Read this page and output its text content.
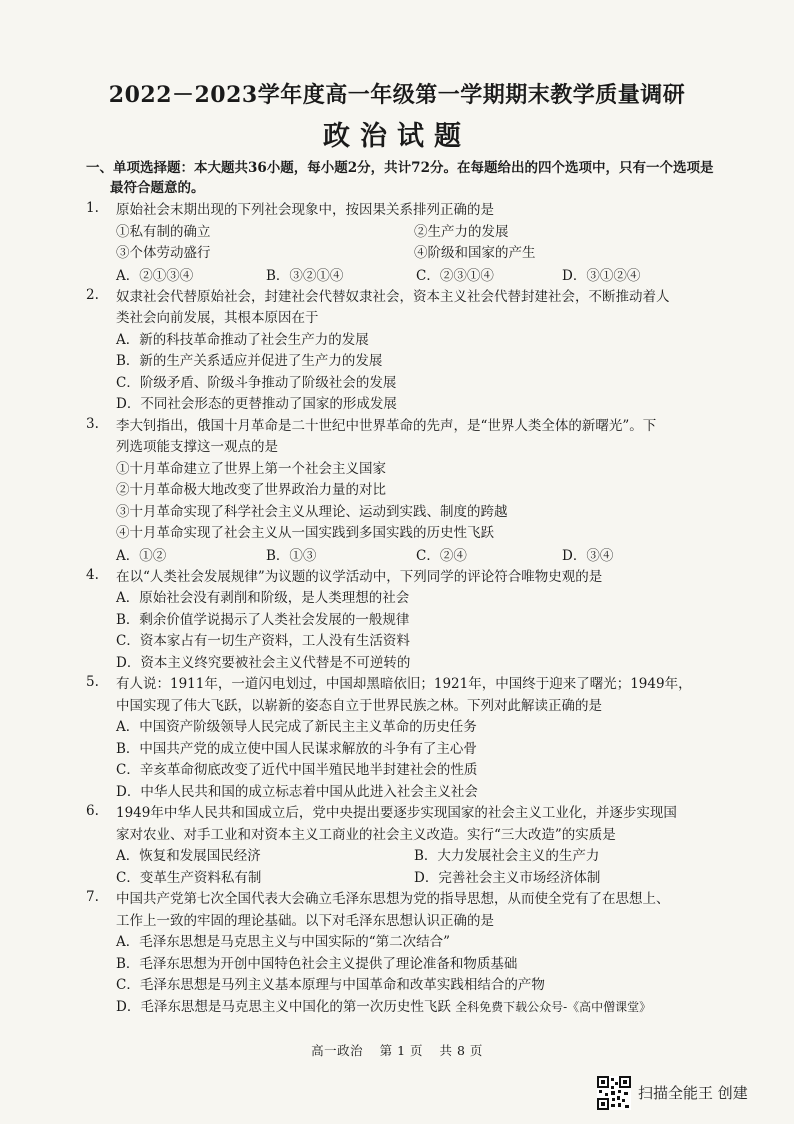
2022－2023学年度高一年级第一学期期末教学质量调研
政治试题
一、单项选择题：本大题共36小题，每小题2分，共计72分。在每题给出的四个选项中，只有一个选项是最符合题意的。
1.	原始社会末期出现的下列社会现象中，按因果关系排列正确的是
①私有制的确立	②生产力的发展
③个体劳动盛行	④阶级和国家的产生
A．②①③④	B．③②①④	C．②③①④	D．③①②④
2.	奴隶社会代替原始社会，封建社会代替奴隶社会，资本主义社会代替封建社会，不断推动着人
类社会向前发展，其根本原因在于
A．新的科技革命推动了社会生产力的发展
B．新的生产关系适应并促进了生产力的发展
C．阶级矛盾、阶级斗争推动了阶级社会的发展
D．不同社会形态的更替推动了国家的形成发展
3.	李大钊指出，俄国十月革命是二十世纪中世界革命的先声，是“世界人类全体的新曙光”。下
列选项能支撑这一观点的是
①十月革命建立了世界上第一个社会主义国家
②十月革命极大地改变了世界政治力量的对比
③十月革命实现了科学社会主义从理论、运动到实践、制度的跨越
④十月革命实现了社会主义从一国实践到多国实践的历史性飞跃
A．①②	B．①③	C．②④	D．③④
4.	在以“人类社会发展规律”为议题的议学活动中，下列同学的评论符合唯物史观的是
A．原始社会没有剥削和阶级，是人类理想的社会
B．剩余价值学说揭示了人类社会发展的一般规律
C．资本家占有一切生产资料，工人没有生活资料
D．资本主义终究要被社会主义代替是不可逆转的
5.	有人说：1911年，一道闪电划过，中国却黑暗依旧；1921年，中国终于迎来了曙光；1949年，
中国实现了伟大飞跃，以崭新的姿态自立于世界民族之林。下列对此解读正确的是
A．中国资产阶级领导人民完成了新民主主义革命的历史任务
B．中国共产党的成立使中国人民谋求解放的斗争有了主心骨
C．辛亥革命彻底改变了近代中国半殖民地半封建社会的性质
D．中华人民共和国的成立标志着中国从此进入社会主义社会
6.	1949年中华人民共和国成立后，党中央提出要逐步实现国家的社会主义工业化，并逐步实现国
家对农业、对手工业和对资本主义工商业的社会主义改造。实行“三大改造”的实质是
A．恢复和发展国民经济	B．大力发展社会主义的生产力
C．变革生产资料私有制	D．完善社会主义市场经济体制
7.	中国共产党第七次全国代表大会确立毛泽东思想为党的指导思想，从而使全党有了在思想上、
工作上一致的牢固的理论基础。以下对毛泽东思想认识正确的是
A．毛泽东思想是马克思主义与中国实际的“第二次结合”
B．毛泽东思想为开创中国特色社会主义提供了理论准备和物质基础
C．毛泽东思想是马列主义基本原理与中国革命和改革实践相结合的产物
D．毛泽东思想是马克思主义中国化的第一次历史性飞跃 全科免费下载公众号-《高中僧课堂》
高一政治 第 1 页 共 8 页
扫描全能王 创建
